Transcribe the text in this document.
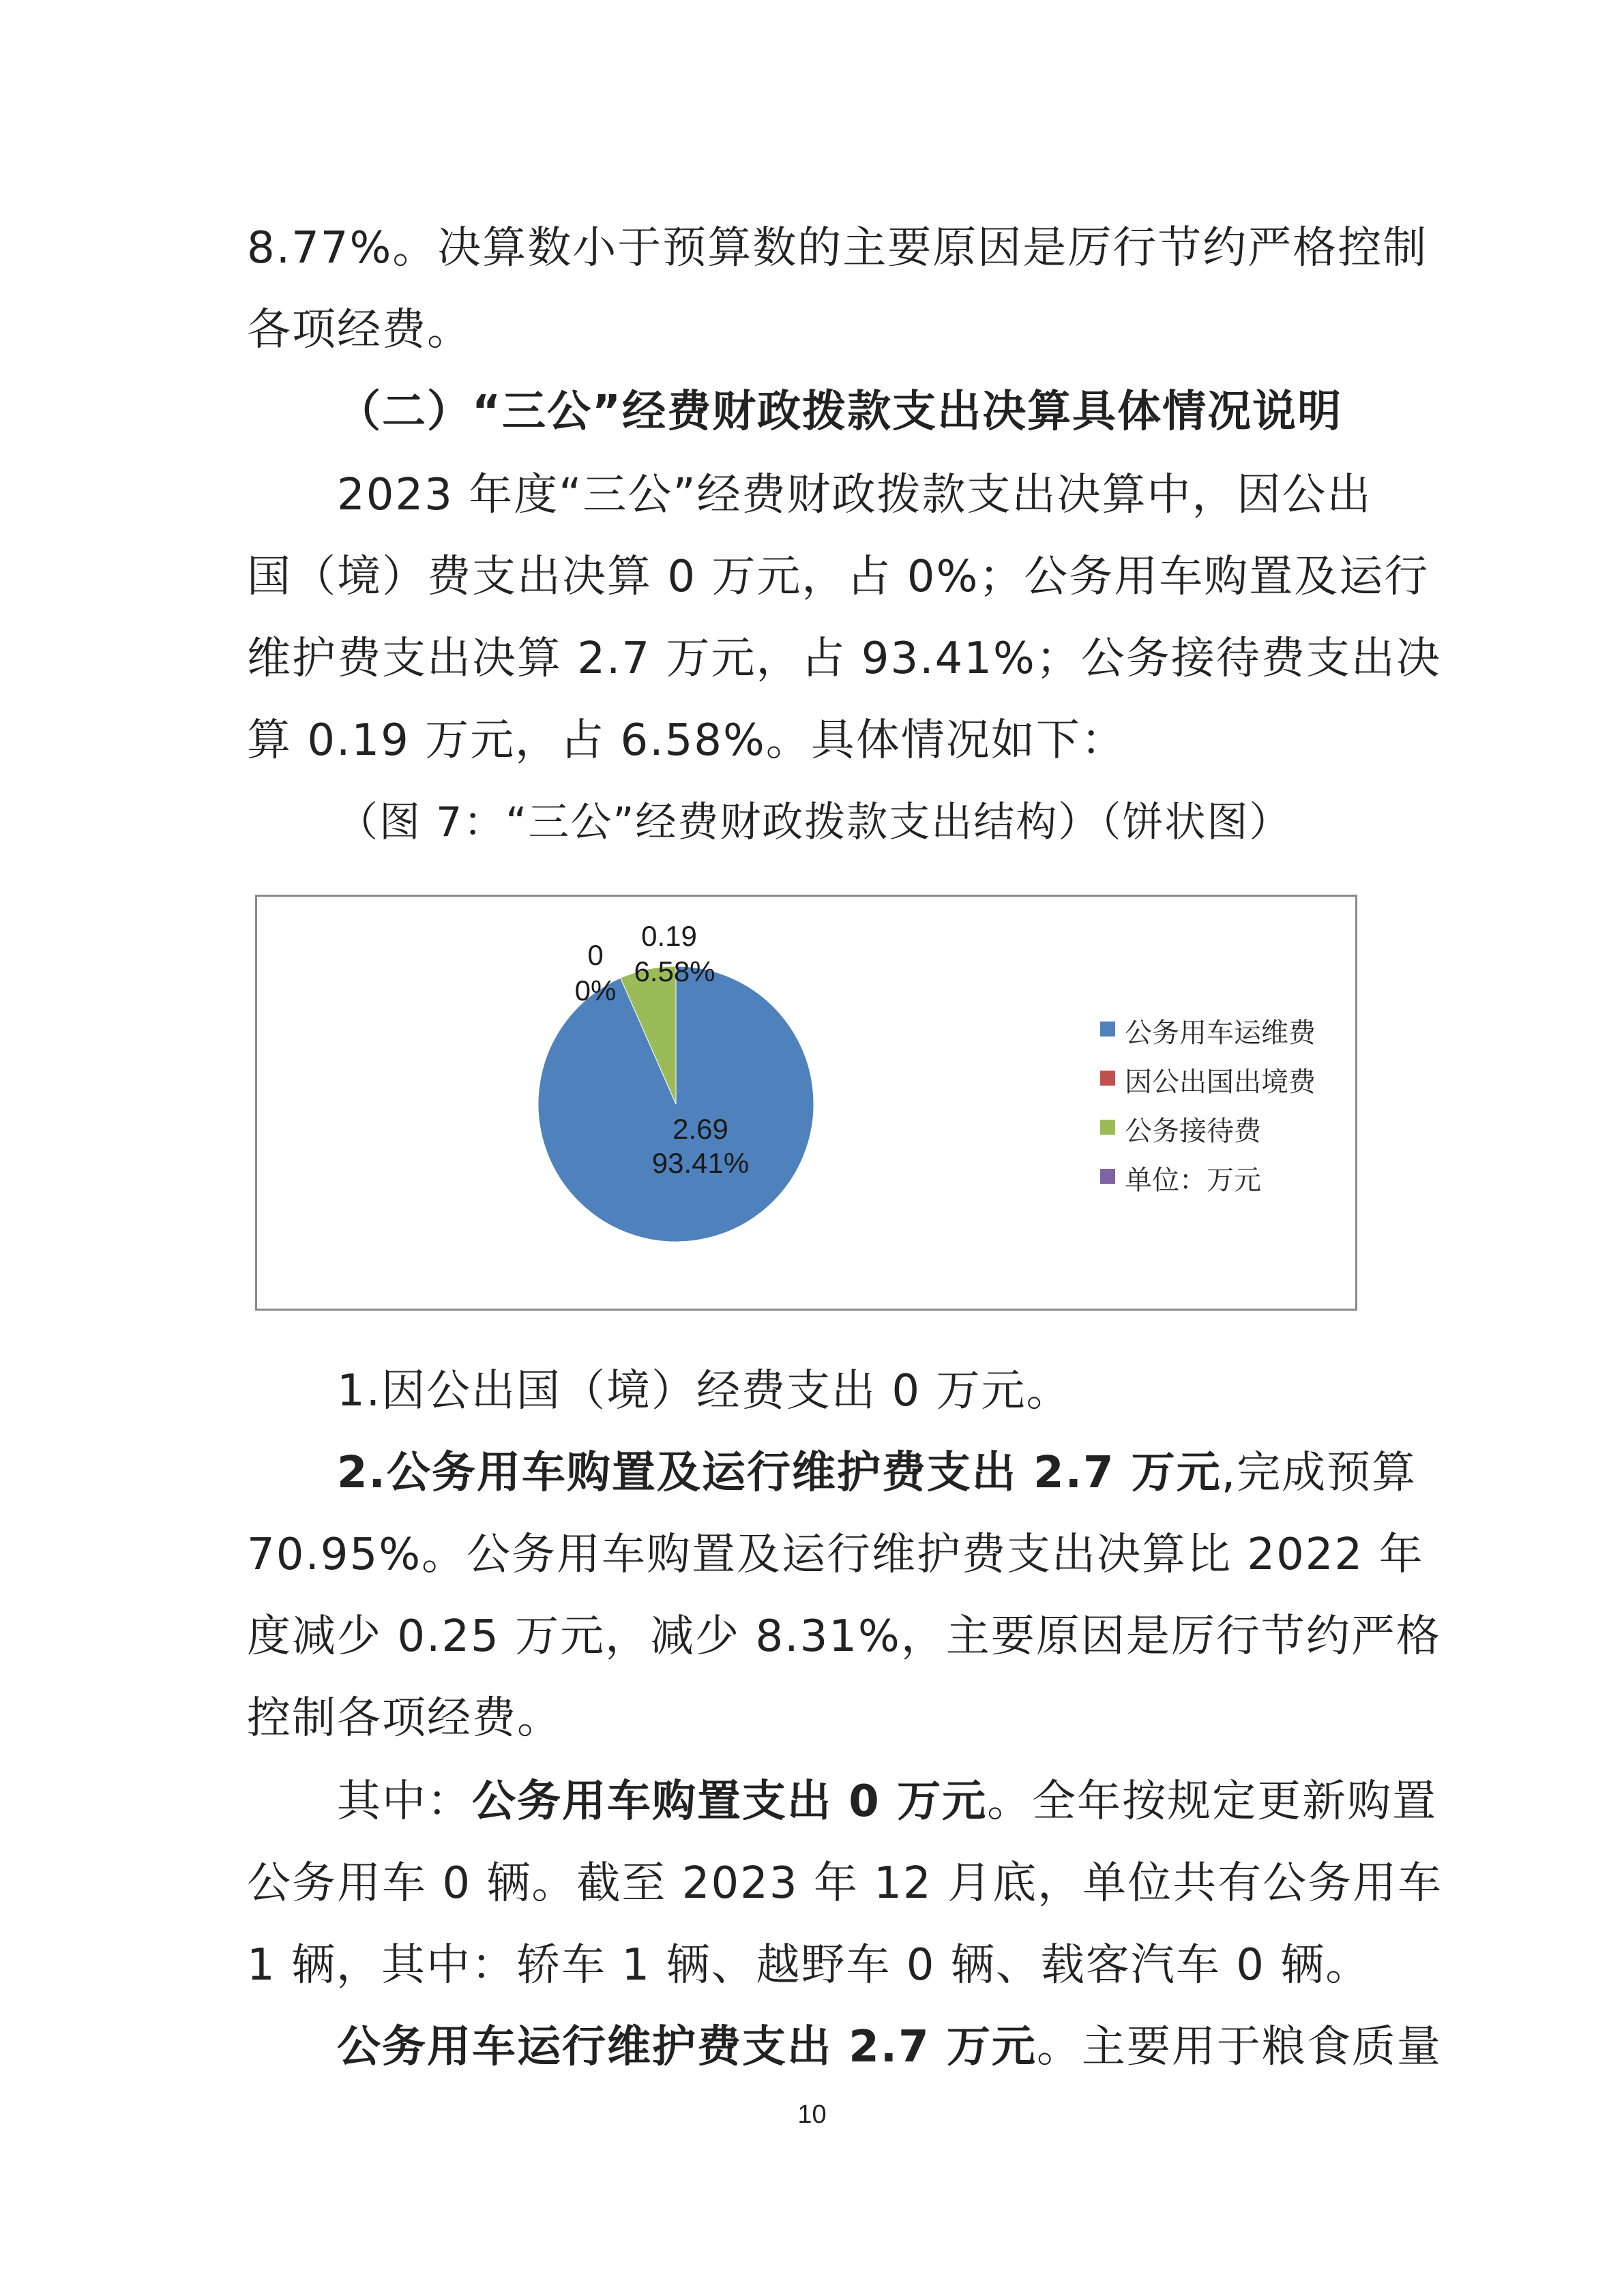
8.77%。决算数小于预算数的主要原因是厉行节约严格控制
各项经费。
（二）“三公”经费财政拨款支出决算具体情况说明
2023 年度“三公”经费财政拨款支出决算中，因公出
国（境）费支出决算 0 万元，占 0%；公务用车购置及运行
维护费支出决算 2.7 万元，占 93.41%；公务接待费支出决
算 0.19 万元，占 6.58%。具体情况如下：
（图 7：“三公”经费财政拨款支出结构）（饼状图）
2.69
93.41%
0
0%
0.19
6.58%
公务用车运维费
因公出国出境费
公务接待费
单位：万元
1.因公出国（境）经费支出 0 万元。
2.公务用车购置及运行维护费支出 2.7 万元,完成预算
70.95%。公务用车购置及运行维护费支出决算比 2022 年
度减少 0.25 万元，减少 8.31%，主要原因是厉行节约严格
控制各项经费。
其中：公务用车购置支出 0 万元。全年按规定更新购置
公务用车 0 辆。截至 2023 年 12 月底，单位共有公务用车
1 辆，其中：轿车 1 辆、越野车 0 辆、载客汽车 0 辆。
公务用车运行维护费支出 2.7 万元。主要用于粮食质量
10
